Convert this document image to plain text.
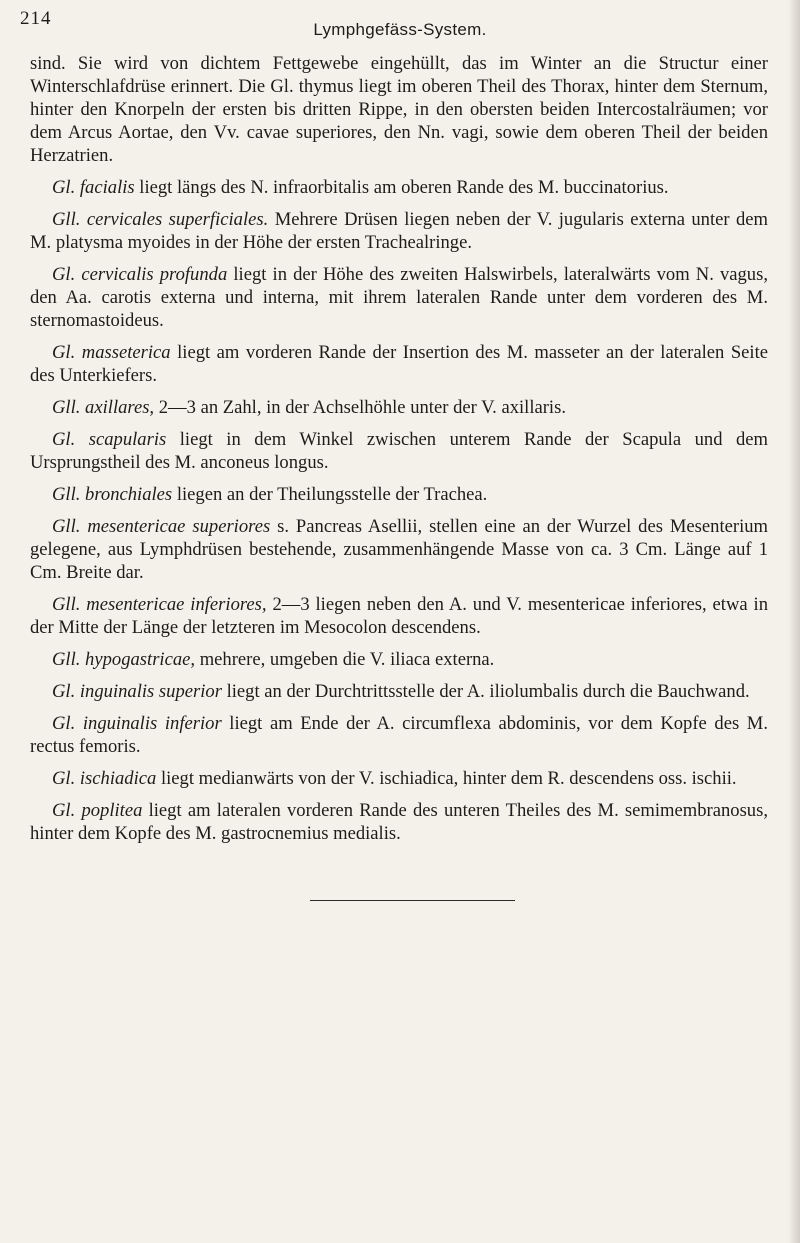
214
Lymphgefäss-System.

sind. Sie wird von dichtem Fettgewebe eingehüllt, das im Winter an die Structur einer Winterschlafdrüse erinnert. Die Gl. thymus liegt im oberen Theil des Thorax, hinter dem Sternum, hinter den Knorpeln der ersten bis dritten Rippe, in den obersten beiden Intercostalräumen; vor dem Arcus Aortae, den Vv. cavae superiores, den Nn. vagi, sowie dem oberen Theil der beiden Herzatrien.

Gl. facialis liegt längs des N. infraorbitalis am oberen Rande des M. buccinatorius.

Gll. cervicales superficiales. Mehrere Drüsen liegen neben der V. jugularis externa unter dem M. platysma myoides in der Höhe der ersten Trachealringe.

Gl. cervicalis profunda liegt in der Höhe des zweiten Halswirbels, lateralwärts vom N. vagus, den Aa. carotis externa und interna, mit ihrem lateralen Rande unter dem vorderen des M. sternomastoideus.

Gl. masseterica liegt am vorderen Rande der Insertion des M. masseter an der lateralen Seite des Unterkiefers.

Gll. axillares, 2—3 an Zahl, in der Achselhöhle unter der V. axillaris.

Gl. scapularis liegt in dem Winkel zwischen unterem Rande der Scapula und dem Ursprungstheil des M. anconeus longus.

Gll. bronchiales liegen an der Theilungsstelle der Trachea.

Gll. mesentericae superiores s. Pancreas Asellii, stellen eine an der Wurzel des Mesenterium gelegene, aus Lymphdrüsen bestehende, zusammenhängende Masse von ca. 3 Cm. Länge auf 1 Cm. Breite dar.

Gll. mesentericae inferiores, 2—3 liegen neben den A. und V. mesentericae inferiores, etwa in der Mitte der Länge der letzteren im Mesocolon descendens.

Gll. hypogastricae, mehrere, umgeben die V. iliaca externa.

Gl. inguinalis superior liegt an der Durchtrittsstelle der A. iliolumbalis durch die Bauchwand.

Gl. inguinalis inferior liegt am Ende der A. circumflexa abdominis, vor dem Kopfe des M. rectus femoris.

Gl. ischiadica liegt medianwärts von der V. ischiadica, hinter dem R. descendens oss. ischii.

Gl. poplitea liegt am lateralen vorderen Rande des unteren Theiles des M. semimembranosus, hinter dem Kopfe des M. gastrocnemius medialis.
